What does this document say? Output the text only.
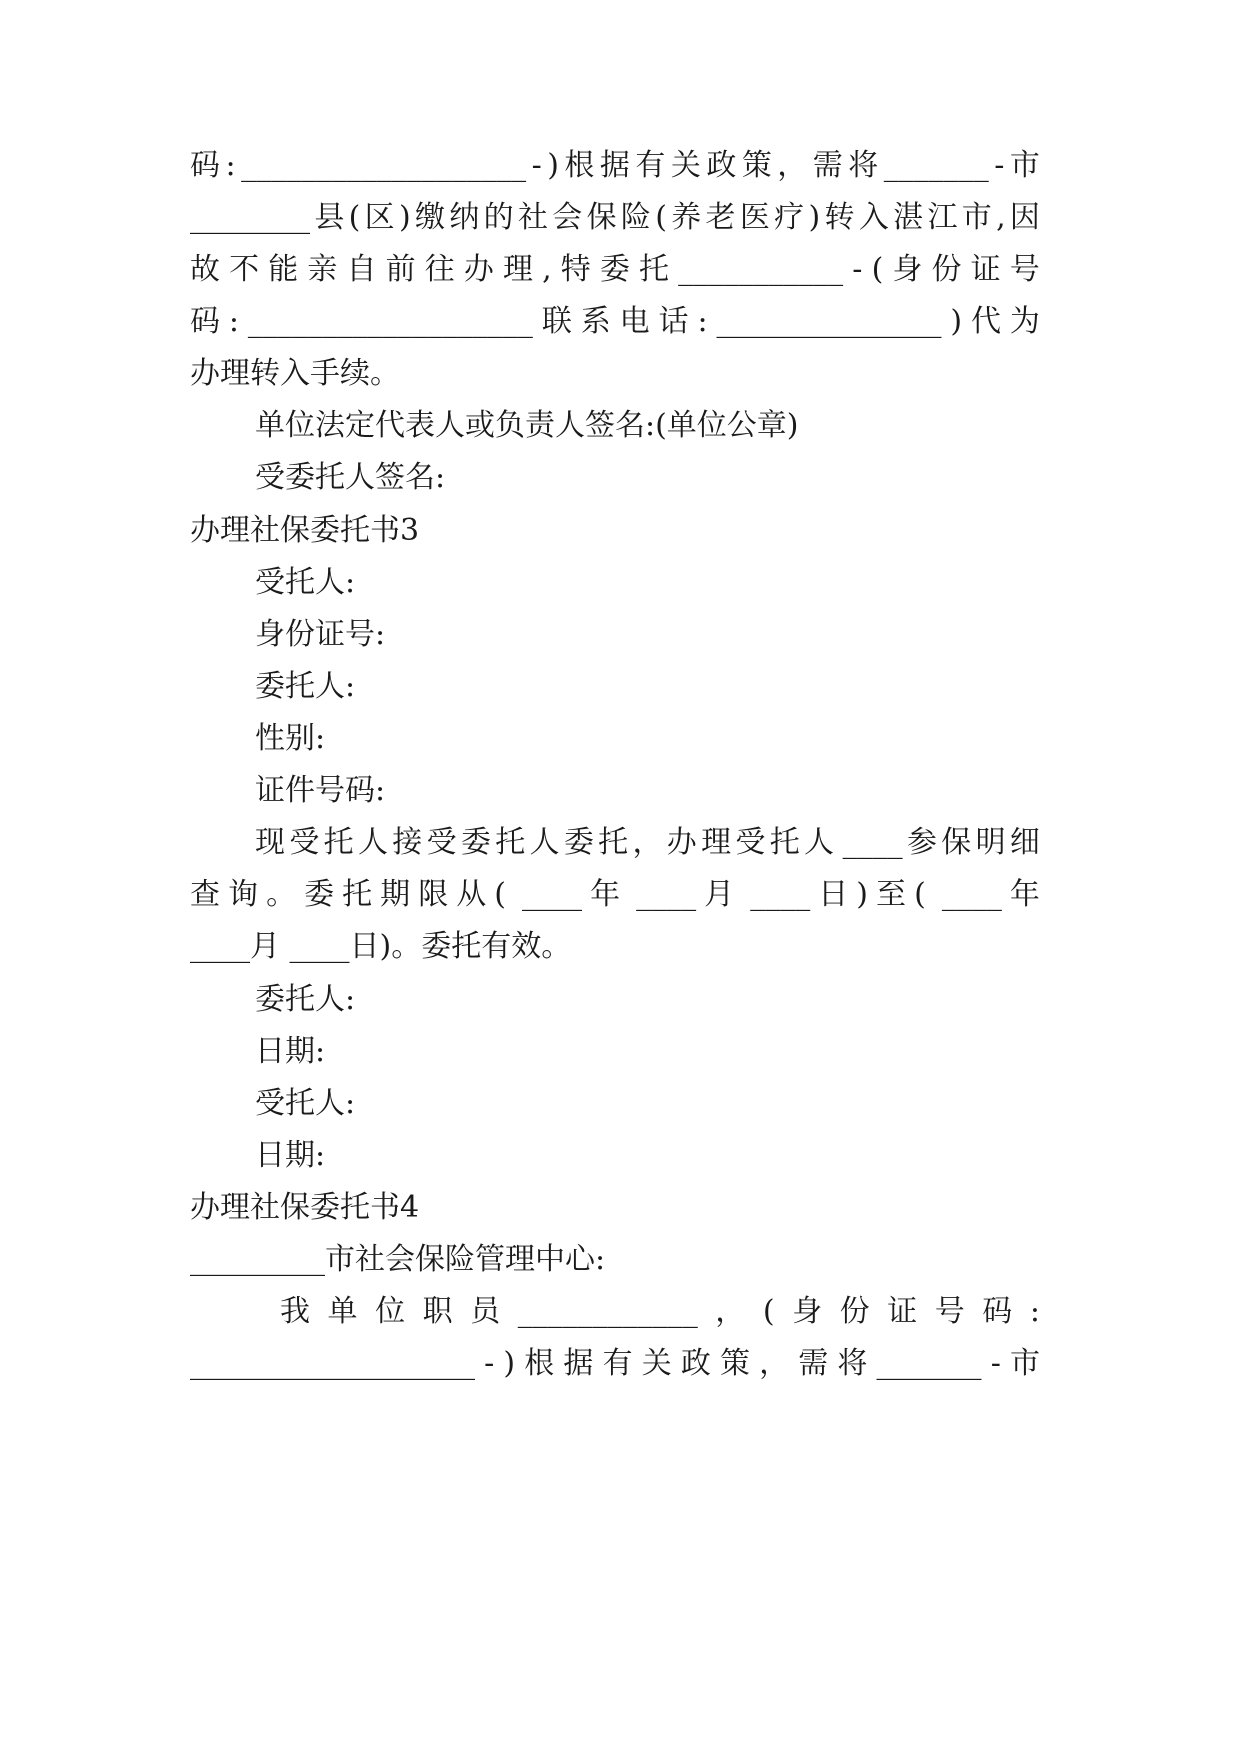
码 : ___________________ - ) 根 据 有 关 政 策 ， 需 将 _______ - 市
________ 县 ( 区 ) 缴 纳 的 社 会 保 险 ( 养 老 医 疗 ) 转 入 湛 江 市 , 因
故 不 能 亲 自 前 往 办 理 , 特 委 托 ___________ - ( 身 份 证 号
码 : ___________________ 联 系 电 话 : _______________ ) 代 为
办理转入手续。
单位法定代表人或负责人签名:(单位公章)
受委托人签名:
办理社保委托书3
受托人:
身份证号:
委托人:
性别:
证件号码:
现 受 托 人 接 受 委 托 人 委 托 ， 办 理 受 托 人 ____ 参 保 明 细
查 询 。 委 托 期 限 从 ( ____ 年 ____ 月 ____ 日 ) 至 ( ____ 年
____月 ____日)。委托有效。
委托人:
日期:
受托人:
日期:
办理社保委托书4
_________市社会保险管理中心:
我 单 位 职 员 ____________ ， ( 身 份 证 号 码 :
___________________ - ) 根 据 有 关 政 策 ， 需 将 _______ - 市
